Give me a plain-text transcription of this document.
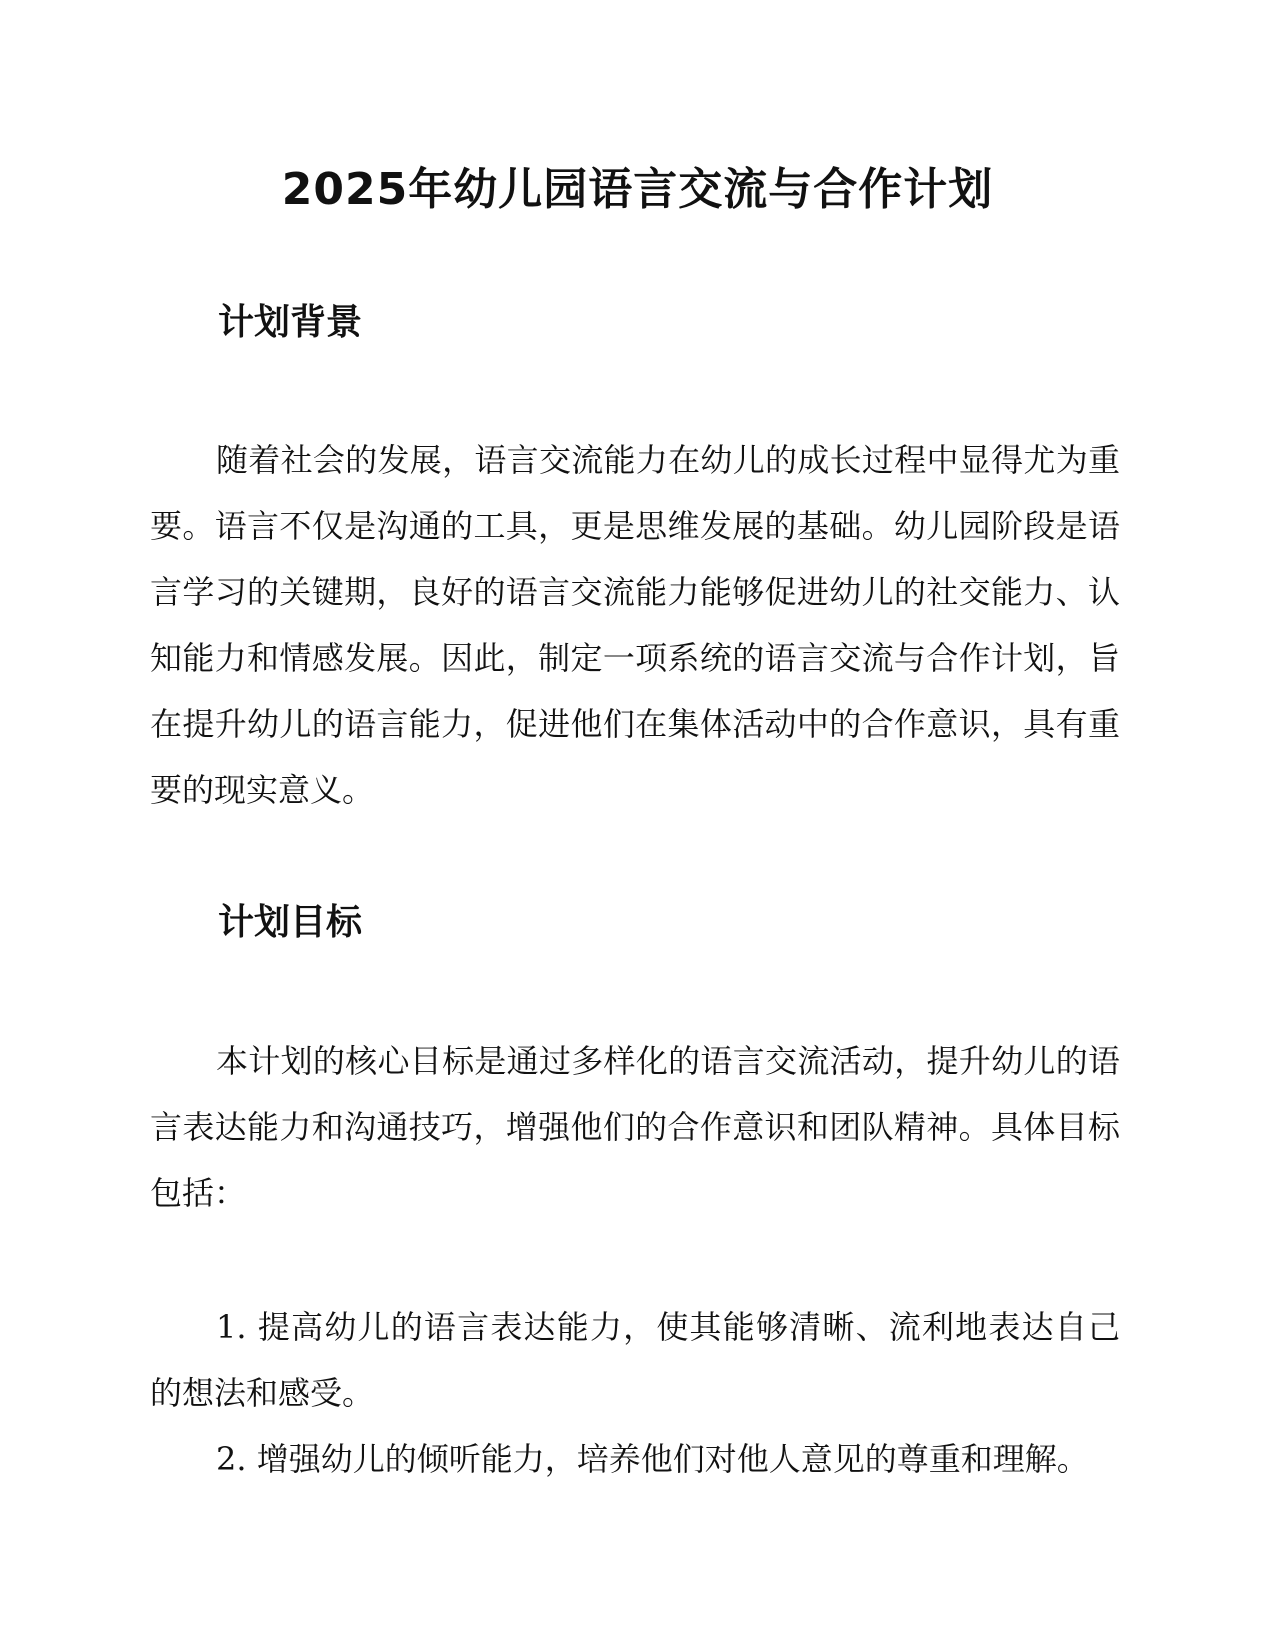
2025年幼儿园语言交流与合作计划
计划背景

随着社会的发展，语言交流能力在幼儿的成长过程中显得尤为重要。语言不仅是沟通的工具，更是思维发展的基础。幼儿园阶段是语言学习的关键期，良好的语言交流能力能够促进幼儿的社交能力、认知能力和情感发展。因此，制定一项系统的语言交流与合作计划，旨在提升幼儿的语言能力，促进他们在集体活动中的合作意识，具有重要的现实意义。

计划目标

本计划的核心目标是通过多样化的语言交流活动，提升幼儿的语言表达能力和沟通技巧，增强他们的合作意识和团队精神。具体目标包括：

1. 提高幼儿的语言表达能力，使其能够清晰、流利地表达自己的想法和感受。
2. 增强幼儿的倾听能力，培养他们对他人意见的尊重和理解。
